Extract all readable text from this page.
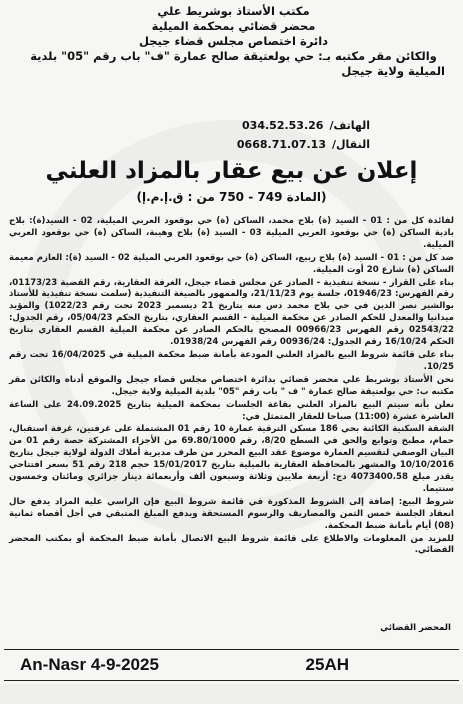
مكتب الأستاذ بوشريط علي
محضر قضائي بمحكمة الميلية
دائرة اختصاص مجلس قضاء جيجل
والكائن مقر مكتبه بـ: حي بولعتيقة صالح عمارة "ف" باب رقم "05" بلدية
الميلية ولاية جيجل
الهاتف/
034.52.53.26
النقال/
0668.71.07.13
إعلان عن بيع عقار بالمزاد العلني
(المادة 749 - 750 من : ق.إ.م.إ)

لفائدة كل من : 01 - السيد (ة) بلاح محمد، الساكن (ة) حي بوقعود العربي الميلية، 02 - السيد(ة): بلاح بادية الساكن (ة) حي بوقعود العربي الميلية 03 - السيد (ة) بلاح وهيبة، الساكن (ة) حي بوقعود العربي الميلية.

ضد كل من : 01 - السيد (ة) بلاح ربيع، الساكن (ة) حي بوقعود العربي الميلية 02 - السيد (ة): العازم معيمة الساكن (ة) شارع 20 أوت الميلية.

بناء على القرار - نسخة تنفيذية - الصادر عن مجلس قضاء جيجل، الغرفة العقارية، رقم القضية 01173/23، رقم الفهرس: 01946/23، جلسة يوم 21/11/23، والممهور بالصيغة التنفيذية (سلمت نسخة تنفيذية للأستاذ بوالشير نصر الدين في حي بلاح محمد دس منه بتاريخ 21 ديسمبر 2023 تحت رقم 1022/23) والمؤيد ميدانيا والمعدل للحكم الصادر عن محكمة الميلية - القسم العقاري، بتاريخ الحكم 05/04/23، رقم الجدول: 02543/22 رقم الفهرس 00966/23 المصحح بالحكم الصادر عن محكمة الميلية القسم العقاري بتاريخ الحكم 16/10/24 رقم الجدول: 00936/24 رقم الفهرس 01938/24.

بناء على قائمة شروط البيع بالمزاد العلني المودعة بأمانة ضبط محكمة الميلية في 16/04/2025 تحت رقم 10/25.

نحن الأستاذ بوشريط علي محضر قضائي بدائرة اختصاص مجلس قضاء جيجل والموقع أدناه والكائن مقر مكتبه ب: حي بولعتيقة صالح عمارة " ف " باب رقم "05" بلدية الميلية ولاية جيجل.

نعلن بأنه سيتم البيع بالمزاد العلني بقاعة الجلسات بمحكمة الميلية بتاريخ 24.09.2025 على الساعة العاشرة عشرة (11:00) صباحا للعقار المتمثل في:

الشقة السكنية الكائنة بحي 186 مسكن الترقية عمارة 10 رقم 01 المشتملة على غرفتين، غرفة استقبال، حمام، مطبخ وتوابع والحق في السطح 8/20، رقم 69.80/1000 من الأجزاء المشتركة حصة رقم 01 من البيان الوصفي لتقسيم العمارة موضوع عقد البيع المحرر من طرف مديرية أملاك الدولة لولاية جيجل بتاريخ 10/10/2016 والمشهر بالمحافظة العقارية بالميلية بتاريخ 15/01/2017 حجم 218 رقم 51 بسعر افتتاحي يقدر مبلغ 4073400.58 دج: أربعة ملايين وثلاثة وسبعون ألف وأربعمائة دينار جزائري ومائتان وخمسون سنتيما.

شروط البيع: إضافة إلى الشروط المذكورة في قائمة شروط البيع فإن الراسي عليه المزاد يدفع حال انعقاد الجلسة خمس الثمن والمصاريف والرسوم المستحقة ويدفع المبلغ المتبقي في أجل أقصاه ثمانية (08) أيام بأمانة ضبط المحكمة.

للمزيد من المعلومات والاطلاع على قائمة شروط البيع الاتصال بأمانة ضبط المحكمة أو بمكتب المحضر القضائي.

المحضر القضائي
An-Nasr 4-9-2025	25AH
